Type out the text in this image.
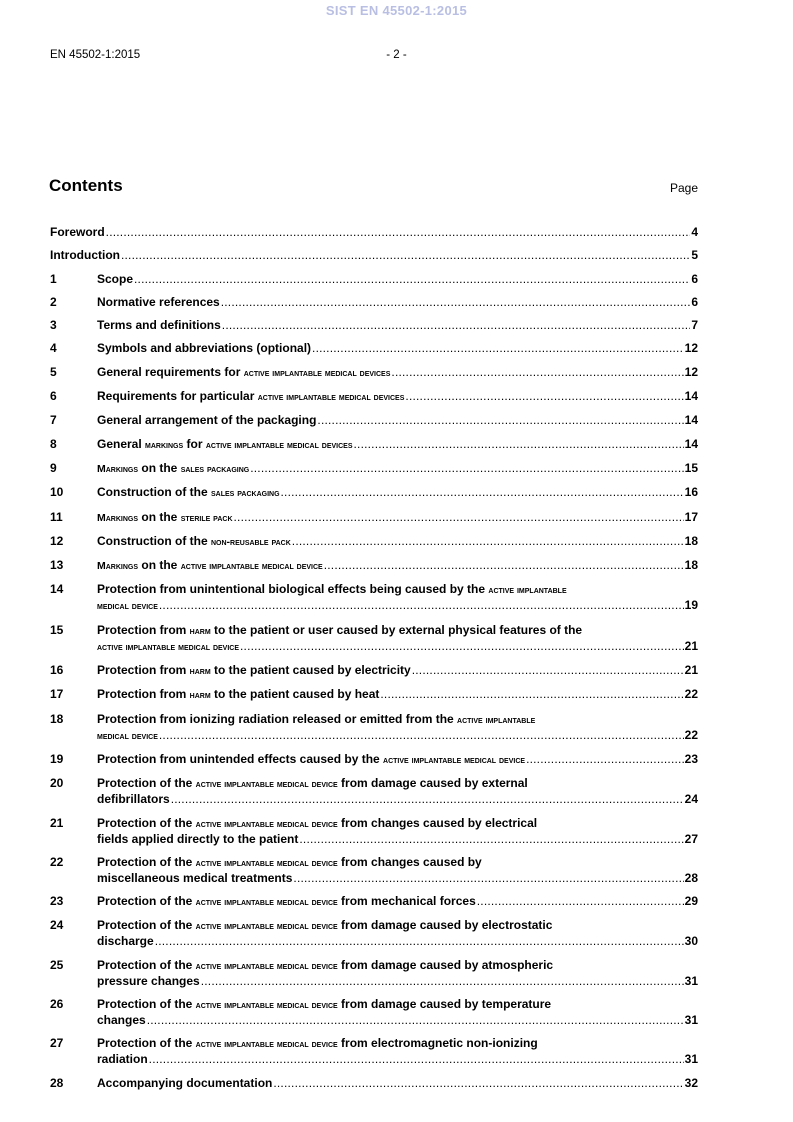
SIST EN 45502-1:2015
EN 45502-1:2015	- 2 -
Contents	Page
Foreword .....	4
Introduction .....	5
1	Scope .....	6
2	Normative references .....	6
3	Terms and definitions .....	7
4	Symbols and abbreviations (optional) .....	12
5	General requirements for active implantable medical devices .....	12
6	Requirements for particular active implantable medical devices .....	14
7	General arrangement of the packaging .....	14
8	General markings for active implantable medical devices .....	14
9	Markings on the sales packaging .....	15
10	Construction of the sales packaging .....	16
11	Markings on the sterile pack .....	17
12	Construction of the non-reusable pack .....	18
13	Markings on the active implantable medical device .....	18
14	Protection from unintentional biological effects being caused by the active implantable
medical device .....	19
15	Protection from harm to the patient or user caused by external physical features of the
active implantable medical device .....	21
16	Protection from harm to the patient caused by electricity .....	21
17	Protection from harm to the patient caused by heat .....	22
18	Protection from ionizing radiation released or emitted from the active implantable
medical device .....	22
19	Protection from unintended effects caused by the active implantable medical device .....	23
20	Protection of the active implantable medical device from damage caused by external
defibrillators .....	24
21	Protection of the active implantable medical device from changes caused by electrical
fields applied directly to the patient .....	27
22	Protection of the active implantable medical device from changes caused by
miscellaneous medical treatments .....	28
23	Protection of the active implantable medical device from mechanical forces .....	29
24	Protection of the active implantable medical device from damage caused by electrostatic
discharge .....	30
25	Protection of the active implantable medical device from damage caused by atmospheric
pressure changes .....	31
26	Protection of the active implantable medical device from damage caused by temperature
changes .....	31
27	Protection of the active implantable medical device from electromagnetic non-ionizing
radiation .....	31
28	Accompanying documentation .....	32
